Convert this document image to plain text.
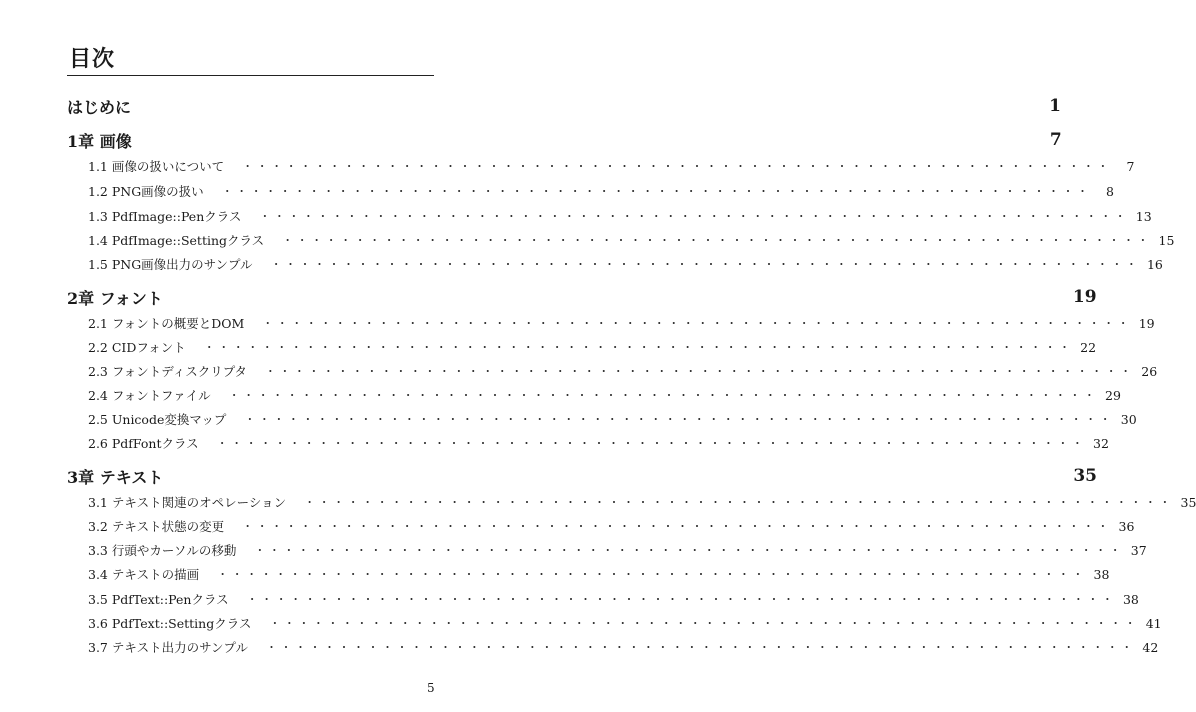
目次
はじめに	1
1章 画像	7
1.1 画像の扱いについて ・ ・ ・ ・ ・ ・ ・ ・ ・ ・ ・ ・ ・ ・ ・ ・ ・ ・ ・ ・ ・ ・ ・ ・ ・ ・ ・ ・ ・ ・ ・ ・ ・ ・ ・ ・ ・ ・ ・ ・ ・ ・ ・ ・ ・ ・ ・ ・ ・ ・ ・ ・ ・ ・ ・ ・ ・ ・ ・ ・	7
1.2 PNG画像の扱い ・ ・ ・ ・ ・ ・ ・ ・ ・ ・ ・ ・ ・ ・ ・ ・ ・ ・ ・ ・ ・ ・ ・ ・ ・ ・ ・ ・ ・ ・ ・ ・ ・ ・ ・ ・ ・ ・ ・ ・ ・ ・ ・ ・ ・ ・ ・ ・ ・ ・ ・ ・ ・ ・ ・ ・ ・ ・ ・ ・	8
1.3 PdfImage::Penクラス ・ ・ ・ ・ ・ ・ ・ ・ ・ ・ ・ ・ ・ ・ ・ ・ ・ ・ ・ ・ ・ ・ ・ ・ ・ ・ ・ ・ ・ ・ ・ ・ ・ ・ ・ ・ ・ ・ ・ ・ ・ ・ ・ ・ ・ ・ ・ ・ ・ ・ ・ ・ ・ ・ ・ ・ ・ ・ ・ ・ 13
1.4 PdfImage::Settingクラス ・ ・ ・ ・ ・ ・ ・ ・ ・ ・ ・ ・ ・ ・ ・ ・ ・ ・ ・ ・ ・ ・ ・ ・ ・ ・ ・ ・ ・ ・ ・ ・ ・ ・ ・ ・ ・ ・ ・ ・ ・ ・ ・ ・ ・ ・ ・ ・ ・ ・ ・ ・ ・ ・ ・ ・ ・ ・ ・ ・ 15
1.5 PNG画像出力のサンプル ・ ・ ・ ・ ・ ・ ・ ・ ・ ・ ・ ・ ・ ・ ・ ・ ・ ・ ・ ・ ・ ・ ・ ・ ・ ・ ・ ・ ・ ・ ・ ・ ・ ・ ・ ・ ・ ・ ・ ・ ・ ・ ・ ・ ・ ・ ・ ・ ・ ・ ・ ・ ・ ・ ・ ・ ・ ・ ・ ・ 16
2章 フォント	19
2.1 フォントの概要とDOM ・ ・ ・ ・ ・ ・ ・ ・ ・ ・ ・ ・ ・ ・ ・ ・ ・ ・ ・ ・ ・ ・ ・ ・ ・ ・ ・ ・ ・ ・ ・ ・ ・ ・ ・ ・ ・ ・ ・ ・ ・ ・ ・ ・ ・ ・ ・ ・ ・ ・ ・ ・ ・ ・ ・ ・ ・ ・ ・ ・ 19
2.2 CIDフォント ・ ・ ・ ・ ・ ・ ・ ・ ・ ・ ・ ・ ・ ・ ・ ・ ・ ・ ・ ・ ・ ・ ・ ・ ・ ・ ・ ・ ・ ・ ・ ・ ・ ・ ・ ・ ・ ・ ・ ・ ・ ・ ・ ・ ・ ・ ・ ・ ・ ・ ・ ・ ・ ・ ・ ・ ・ ・ ・ ・ 22
2.3 フォントディスクリプタ ・ ・ ・ ・ ・ ・ ・ ・ ・ ・ ・ ・ ・ ・ ・ ・ ・ ・ ・ ・ ・ ・ ・ ・ ・ ・ ・ ・ ・ ・ ・ ・ ・ ・ ・ ・ ・ ・ ・ ・ ・ ・ ・ ・ ・ ・ ・ ・ ・ ・ ・ ・ ・ ・ ・ ・ ・ ・ ・ ・ 26
2.4 フォントファイル ・ ・ ・ ・ ・ ・ ・ ・ ・ ・ ・ ・ ・ ・ ・ ・ ・ ・ ・ ・ ・ ・ ・ ・ ・ ・ ・ ・ ・ ・ ・ ・ ・ ・ ・ ・ ・ ・ ・ ・ ・ ・ ・ ・ ・ ・ ・ ・ ・ ・ ・ ・ ・ ・ ・ ・ ・ ・ ・ ・ 29
2.5 Unicode変換マップ ・ ・ ・ ・ ・ ・ ・ ・ ・ ・ ・ ・ ・ ・ ・ ・ ・ ・ ・ ・ ・ ・ ・ ・ ・ ・ ・ ・ ・ ・ ・ ・ ・ ・ ・ ・ ・ ・ ・ ・ ・ ・ ・ ・ ・ ・ ・ ・ ・ ・ ・ ・ ・ ・ ・ ・ ・ ・ ・ ・ 30
2.6 PdfFontクラス ・ ・ ・ ・ ・ ・ ・ ・ ・ ・ ・ ・ ・ ・ ・ ・ ・ ・ ・ ・ ・ ・ ・ ・ ・ ・ ・ ・ ・ ・ ・ ・ ・ ・ ・ ・ ・ ・ ・ ・ ・ ・ ・ ・ ・ ・ ・ ・ ・ ・ ・ ・ ・ ・ ・ ・ ・ ・ ・ ・ 32
3章 テキスト	35
3.1 テキスト関連のオペレーション ・ ・ ・ ・ ・ ・ ・ ・ ・ ・ ・ ・ ・ ・ ・ ・ ・ ・ ・ ・ ・ ・ ・ ・ ・ ・ ・ ・ ・ ・ ・ ・ ・ ・ ・ ・ ・ ・ ・ ・ ・ ・ ・ ・ ・ ・ ・ ・ ・ ・ ・ ・ ・ ・ ・ ・ ・ ・ ・ ・ 35
3.2 テキスト状態の変更 ・ ・ ・ ・ ・ ・ ・ ・ ・ ・ ・ ・ ・ ・ ・ ・ ・ ・ ・ ・ ・ ・ ・ ・ ・ ・ ・ ・ ・ ・ ・ ・ ・ ・ ・ ・ ・ ・ ・ ・ ・ ・ ・ ・ ・ ・ ・ ・ ・ ・ ・ ・ ・ ・ ・ ・ ・ ・ ・ ・ 36
3.3 行頭やカーソルの移動 ・ ・ ・ ・ ・ ・ ・ ・ ・ ・ ・ ・ ・ ・ ・ ・ ・ ・ ・ ・ ・ ・ ・ ・ ・ ・ ・ ・ ・ ・ ・ ・ ・ ・ ・ ・ ・ ・ ・ ・ ・ ・ ・ ・ ・ ・ ・ ・ ・ ・ ・ ・ ・ ・ ・ ・ ・ ・ ・ ・ 37
3.4 テキストの描画 ・ ・ ・ ・ ・ ・ ・ ・ ・ ・ ・ ・ ・ ・ ・ ・ ・ ・ ・ ・ ・ ・ ・ ・ ・ ・ ・ ・ ・ ・ ・ ・ ・ ・ ・ ・ ・ ・ ・ ・ ・ ・ ・ ・ ・ ・ ・ ・ ・ ・ ・ ・ ・ ・ ・ ・ ・ ・ ・ ・ 38
3.5 PdfText::Penクラス ・ ・ ・ ・ ・ ・ ・ ・ ・ ・ ・ ・ ・ ・ ・ ・ ・ ・ ・ ・ ・ ・ ・ ・ ・ ・ ・ ・ ・ ・ ・ ・ ・ ・ ・ ・ ・ ・ ・ ・ ・ ・ ・ ・ ・ ・ ・ ・ ・ ・ ・ ・ ・ ・ ・ ・ ・ ・ ・ ・ 38
3.6 PdfText::Settingクラス ・ ・ ・ ・ ・ ・ ・ ・ ・ ・ ・ ・ ・ ・ ・ ・ ・ ・ ・ ・ ・ ・ ・ ・ ・ ・ ・ ・ ・ ・ ・ ・ ・ ・ ・ ・ ・ ・ ・ ・ ・ ・ ・ ・ ・ ・ ・ ・ ・ ・ ・ ・ ・ ・ ・ ・ ・ ・ ・ ・ 41
3.7 テキスト出力のサンプル ・ ・ ・ ・ ・ ・ ・ ・ ・ ・ ・ ・ ・ ・ ・ ・ ・ ・ ・ ・ ・ ・ ・ ・ ・ ・ ・ ・ ・ ・ ・ ・ ・ ・ ・ ・ ・ ・ ・ ・ ・ ・ ・ ・ ・ ・ ・ ・ ・ ・ ・ ・ ・ ・ ・ ・ ・ ・ ・ ・ 42
5
